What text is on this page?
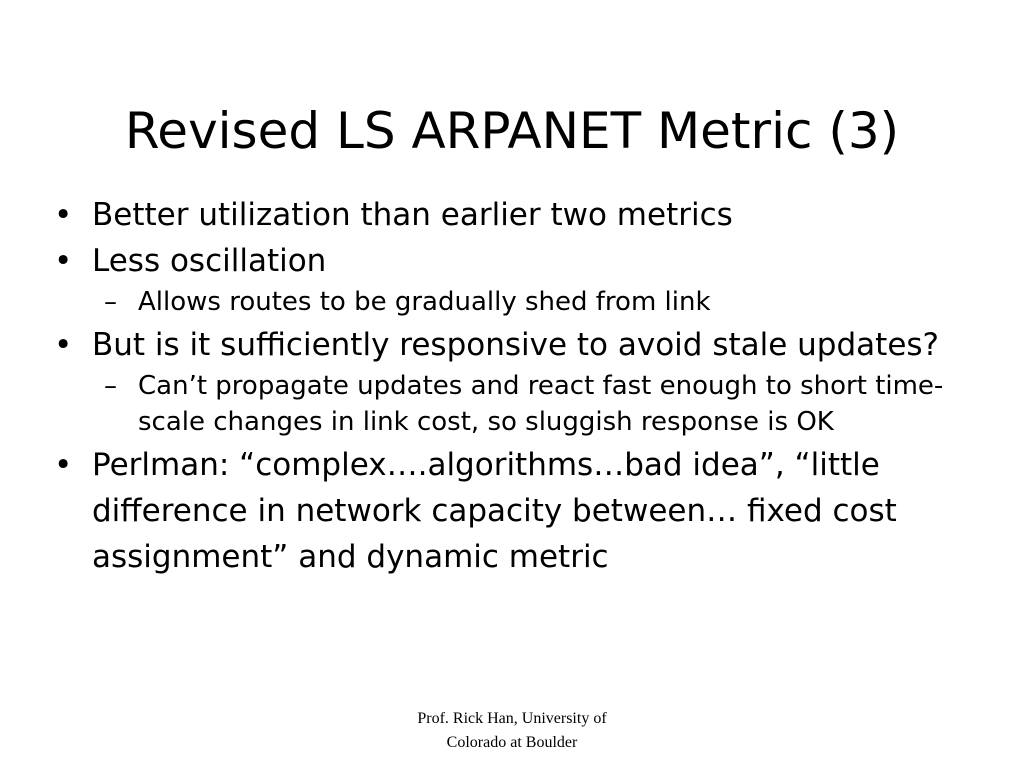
Revised LS ARPANET Metric (3)
• Better utilization than earlier two metrics
• Less oscillation
– Allows routes to be gradually shed from link
• But is it sufficiently responsive to avoid stale updates?
– Can’t propagate updates and react fast enough to short time-scale changes in link cost, so sluggish response is OK
• Perlman: “complex….algorithms…bad idea”, “little difference in network capacity between… fixed cost assignment” and dynamic metric
Prof. Rick Han, University of
Colorado at Boulder
